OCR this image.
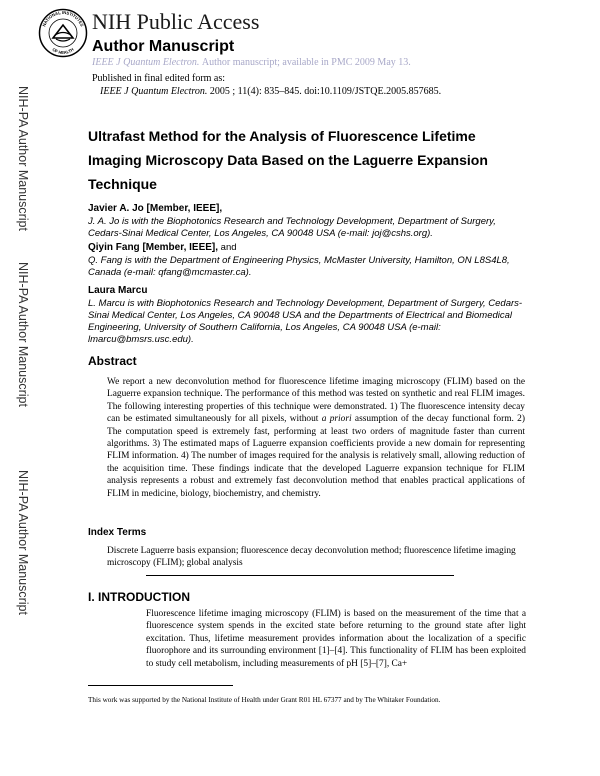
NATIONAL INSTITUTES
OF HEALTH
NIH Public Access
Author Manuscript
IEEE J Quantum Electron. Author manuscript; available in PMC 2009 May 13.
Published in final edited form as:
IEEE J Quantum Electron. 2005 ; 11(4): 835–845. doi:10.1109/JSTQE.2005.857685.
NIH-PA Author Manuscript
NIH-PA Author Manuscript
NIH-PA Author Manuscript
Ultrafast Method for the Analysis of Fluorescence Lifetime Imaging Microscopy Data Based on the Laguerre Expansion Technique
Javier A. Jo [Member, IEEE],
J. A. Jo is with the Biophotonics Research and Technology Development, Department of Surgery, Cedars-Sinai Medical Center, Los Angeles, CA 90048 USA (e-mail: joj@cshs.org).
Qiyin Fang [Member, IEEE], and
Q. Fang is with the Department of Engineering Physics, McMaster University, Hamilton, ON L8S4L8, Canada (e-mail: qfang@mcmaster.ca).
Laura Marcu
L. Marcu is with Biophotonics Research and Technology Development, Department of Surgery, Cedars-Sinai Medical Center, Los Angeles, CA 90048 USA and the Departments of Electrical and Biomedical Engineering, University of Southern California, Los Angeles, CA 90048 USA (e-mail: lmarcu@bmsrs.usc.edu).
Abstract
We report a new deconvolution method for fluorescence lifetime imaging microscopy (FLIM) based on the Laguerre expansion technique. The performance of this method was tested on synthetic and real FLIM images. The following interesting properties of this technique were demonstrated. 1) The fluorescence intensity decay can be estimated simultaneously for all pixels, without a priori assumption of the decay functional form. 2) The computation speed is extremely fast, performing at least two orders of magnitude faster than current algorithms. 3) The estimated maps of Laguerre expansion coefficients provide a new domain for representing FLIM information. 4) The number of images required for the analysis is relatively small, allowing reduction of the acquisition time. These findings indicate that the developed Laguerre expansion technique for FLIM analysis represents a robust and extremely fast deconvolution method that enables practical applications of FLIM in medicine, biology, biochemistry, and chemistry.
Index Terms
Discrete Laguerre basis expansion; fluorescence decay deconvolution method; fluorescence lifetime imaging microscopy (FLIM); global analysis
I. INTRODUCTION
Fluorescence lifetime imaging microscopy (FLIM) is based on the measurement of the time that a fluorescence system spends in the excited state before returning to the ground state after light excitation. Thus, lifetime measurement provides information about the localization of a specific fluorophore and its surrounding environment [1]–[4]. This functionality of FLIM has been exploited to study cell metabolism, including measurements of pH [5]–[7], Ca+
This work was supported by the National Institute of Health under Grant R01 HL 67377 and by The Whitaker Foundation.
